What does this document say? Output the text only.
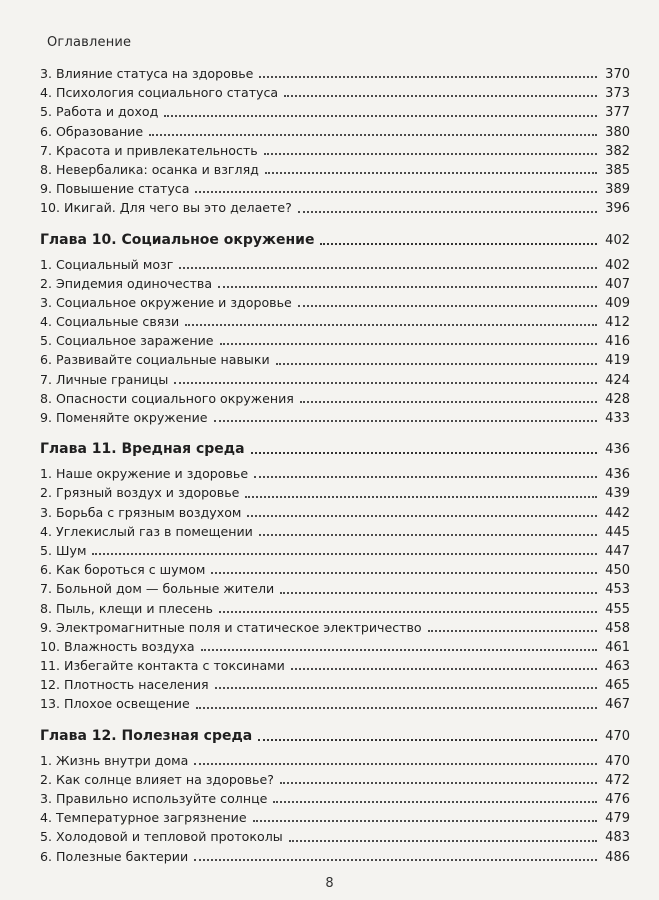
Оглавление
3. Влияние статуса на здоровье	370
4. Психология социального статуса	373
5. Работа и доход	377
6. Образование	380
7. Красота и привлекательность	382
8. Невербалика: осанка и взгляд	385
9. Повышение статуса	389
10. Икигай. Для чего вы это делаете?	396
Глава 10. Социальное окружение	402
1. Социальный мозг	402
2. Эпидемия одиночества	407
3. Социальное окружение и здоровье	409
4. Социальные связи	412
5. Социальное заражение	416
6. Развивайте социальные навыки	419
7. Личные границы	424
8. Опасности социального окружения	428
9. Поменяйте окружение	433
Глава 11. Вредная среда	436
1. Наше окружение и здоровье	436
2. Грязный воздух и здоровье	439
3. Борьба с грязным воздухом	442
4. Углекислый газ в помещении	445
5. Шум	447
6. Как бороться с шумом	450
7. Больной дом — больные жители	453
8. Пыль, клещи и плесень	455
9. Электромагнитные поля и статическое электричество	458
10. Влажность воздуха	461
11. Избегайте контакта с токсинами	463
12. Плотность населения	465
13. Плохое освещение	467
Глава 12. Полезная среда	470
1. Жизнь внутри дома	470
2. Как солнце влияет на здоровье?	472
3. Правильно используйте солнце	476
4. Температурное загрязнение	479
5. Холодовой и тепловой протоколы	483
6. Полезные бактерии	486
8
